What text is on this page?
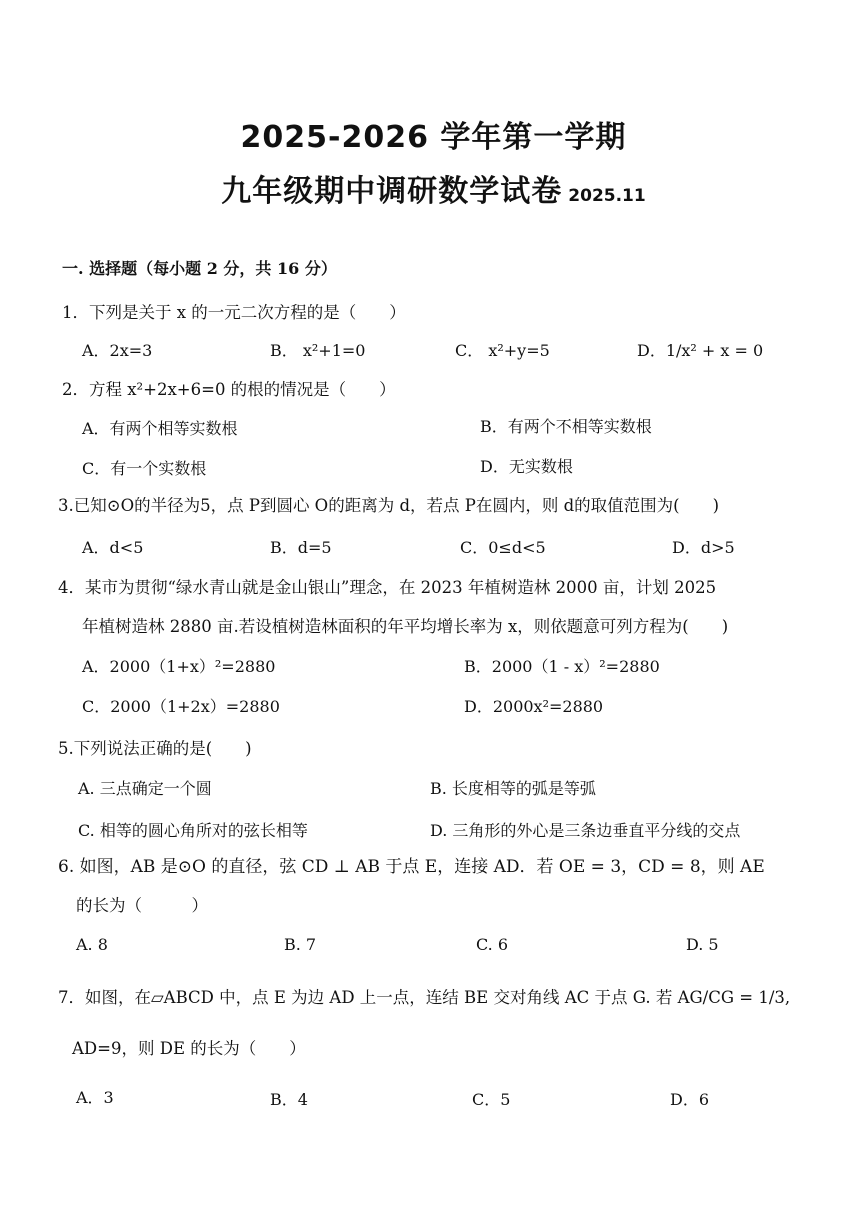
2025-2026 学年第一学期
九年级期中调研数学试卷 2025.11
一. 选择题（每小题 2 分，共 16 分）
1．下列是关于 x 的一元二次方程的是（　　）
A．2x=3	B． x²+1=0	C． x²+y=5	D．1/x² + x = 0
2．方程 x²+2x+6=0 的根的情况是（　　）
A．有两个相等实数根	B．有两个不相等实数根
C．有一个实数根	D．无实数根
3.已知⊙O的半径为5，点 P到圆心 O的距离为 d，若点 P在圆内，则 d的取值范围为(　　)
A．d<5	B．d=5	C．0≤d<5	D．d>5
4．某市为贯彻“绿水青山就是金山银山”理念，在 2023 年植树造林 2000 亩，计划 2025
年植树造林 2880 亩.若设植树造林面积的年平均增长率为 x，则依题意可列方程为(　　)
A．2000（1+x）²=2880	B．2000（1 - x）²=2880
C．2000（1+2x）=2880	D．2000x²=2880
5.下列说法正确的是(　　)
A. 三点确定一个圆	B. 长度相等的弧是等弧
C. 相等的圆心角所对的弦长相等	D. 三角形的外心是三条边垂直平分线的交点
6. 如图，AB 是⊙O 的直径，弦 CD ⊥ AB 于点 E，连接 AD．若 OE = 3，CD = 8，则 AE
的长为（　　　）
A. 8	B. 7	C. 6	D. 5
7．如图，在▱ABCD 中，点 E 为边 AD 上一点，连结 BE 交对角线 AC 于点 G. 若 AG/CG = 1/3,
AD=9，则 DE 的长为（　　）
A．3	B．4	C．5	D．6
